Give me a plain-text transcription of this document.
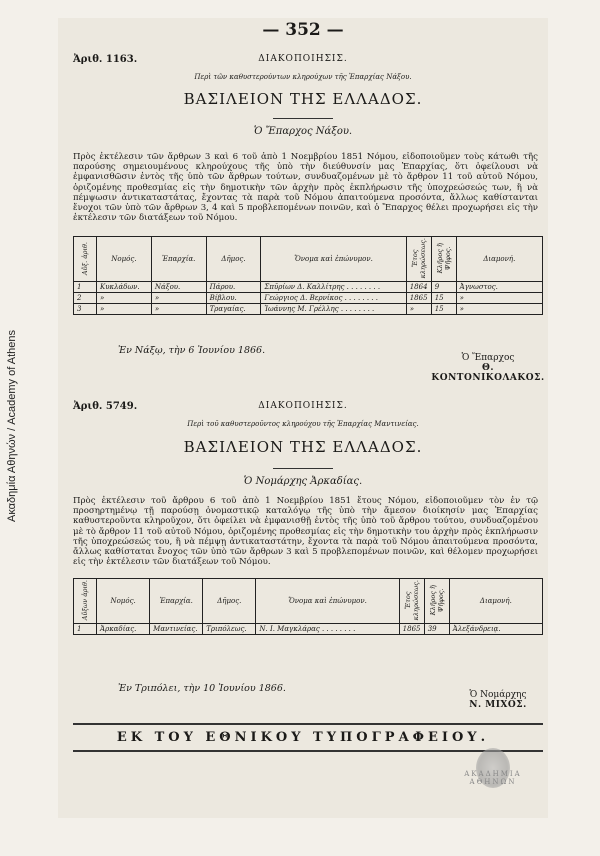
Ακαδημία Αθηνών / Academy of Athens
— 352 —
Ἀριθ. 1163.	ΔΙΑΚΟΠΟΙΗΣΙΣ.
Περὶ τῶν καθυστερούντων κληρούχων τῆς Ἐπαρχίας Νάξου.
ΒΑΣΙΛΕΙΟΝ ΤΗΣ ΕΛΛΑΔΟΣ.
Ὁ Ἔπαρχος Νάξου.
Πρὸς ἐκτέλεσιν τῶν ἄρθρων 3 καὶ 6 τοῦ ἀπὸ 1 Νοεμβρίου 1851 Νόμου, εἰδοποιοῦμεν τοὺς κάτωθι τῆς παρούσης σημειουμένους κληρούχους τῆς ὑπὸ τὴν διεύθυνσίν μας Ἐπαρχίας, ὅτι ὀφείλουσι νὰ ἐμφανισθῶσιν ἐντὸς τῆς ὑπὸ τῶν ἄρθρων τούτων, συνδυαζομένων μὲ τὸ ἄρθρον 11 τοῦ αὐτοῦ Νόμου, ὁριζομένης προθεσμίας εἰς τὴν δημοτικὴν τῶν ἀρχὴν πρὸς ἐκπλήρωσιν τῆς ὑποχρεώσεώς των, ἢ νὰ πέμψωσιν ἀντικαταστάτας, ἔχοντας τὰ παρὰ τοῦ Νόμου ἀπαιτούμενα προσόντα, ἄλλως καθίστανται ἔνοχοι τῶν ὑπὸ τῶν ἄρθρων 3, 4 καὶ 5 προβλεπομένων ποινῶν, καὶ ὁ Ἔπαρχος θέλει προχωρήσει εἰς τὴν ἐκτέλεσιν τῶν διατάξεων τοῦ Νόμου.
Αὔξ. ἀριθ.	Νομός.	Ἐπαρχία.	Δῆμος.	Ὄνομα καὶ ἐπώνυμον.	Ἔτος κληρώσεως.	Κλῆρος ἢ Ψῆφος.	Διαμονή.
1	Κυκλάδων.	Νάξου.	Πάρου.	Σπῦρίων Δ. Καλλίτρης . . . . . . . .	1864	9	Ἀγνωστος.
2	»	»	Βίβλου.	Γεώργιος Δ. Βερνίκος . . . . . . . .	1865	15	»
3	»	»	Τραγαίας.	Ἰωάννης Μ. Γρέλλης . . . . . . . .	»	15	»
Ἐν Νάξῳ, τὴν 6 Ἰουνίου 1866.
Ὁ Ἔπαρχος
Θ. ΚΟΝΤΟΝΙΚΟΛΑΚΟΣ.
Ἀριθ. 5749.	ΔΙΑΚΟΠΟΙΗΣΙΣ.
Περὶ τοῦ καθυστεροῦντος κληρούχου τῆς Ἐπαρχίας Μαντινείας.
ΒΑΣΙΛΕΙΟΝ ΤΗΣ ΕΛΛΑΔΟΣ.
Ὁ Νομάρχης Ἀρκαδίας.
Πρὸς ἐκτέλεσιν τοῦ ἄρθρου 6 τοῦ ἀπὸ 1 Νοεμβρίου 1851 ἔτους Νόμου, εἰδοποιοῦμεν τὸν ἐν τῷ προσηρτημένῳ τῇ παρούσῃ ὀνομαστικῷ καταλόγῳ τῆς ὑπὸ τὴν ἄμεσον διοίκησίν μας Ἐπαρχίας καθυστεροῦντα κληροῦχον, ὅτι ὀφείλει νὰ ἐμφανισθῇ ἐντὸς τῆς ὑπὸ τοῦ ἄρθρου τούτου, συνδυαζομένου μὲ τὸ ἄρθρον 11 τοῦ αὐτοῦ Νόμου, ὁριζομένης προθεσμίας εἰς τὴν δημοτικὴν του ἀρχὴν πρὸς ἐκπλήρωσιν τῆς ὑποχρεώσεώς του, ἢ νὰ πέμψῃ ἀντικαταστάτην, ἔχοντα τὰ παρὰ τοῦ Νόμου ἀπαιτούμενα προσόντα, ἄλλως καθίσταται ἔνοχος τῶν ὑπὸ τῶν ἄρθρων 3 καὶ 5 προβλεπομένων ποινῶν, καὶ θέλομεν προχωρήσει εἰς τὴν ἐκτέλεσιν τῶν διατάξεων τοῦ Νόμου.
Αὔξων ἀριθ.	Νομός.	Ἐπαρχία.	Δῆμος.	Ὄνομα καὶ ἐπώνυμον.	Ἔτος κληρώσεως.	Κλῆρος ἢ Ψῆφος.	Διαμονή.
1	Ἀρκαδίας.	Μαντινείας.	Τριπόλεως.	Ν. Ι. Μαγκλάρας . . . . . . . .	1865	39	Ἀλεξάνδρειᾳ.
Ἐν Τριπόλει, τὴν 10 Ἰουνίου 1866.
Ὁ Νομάρχης
Ν. ΜΙΧΟΣ.
ΕΚ ΤΟΥ ΕΘΝΙΚΟΥ ΤΥΠΟΓΡΑΦΕΙΟΥ.
ΑΚΑΔΗΜΙΑ ΑΘΗΝΩΝ
